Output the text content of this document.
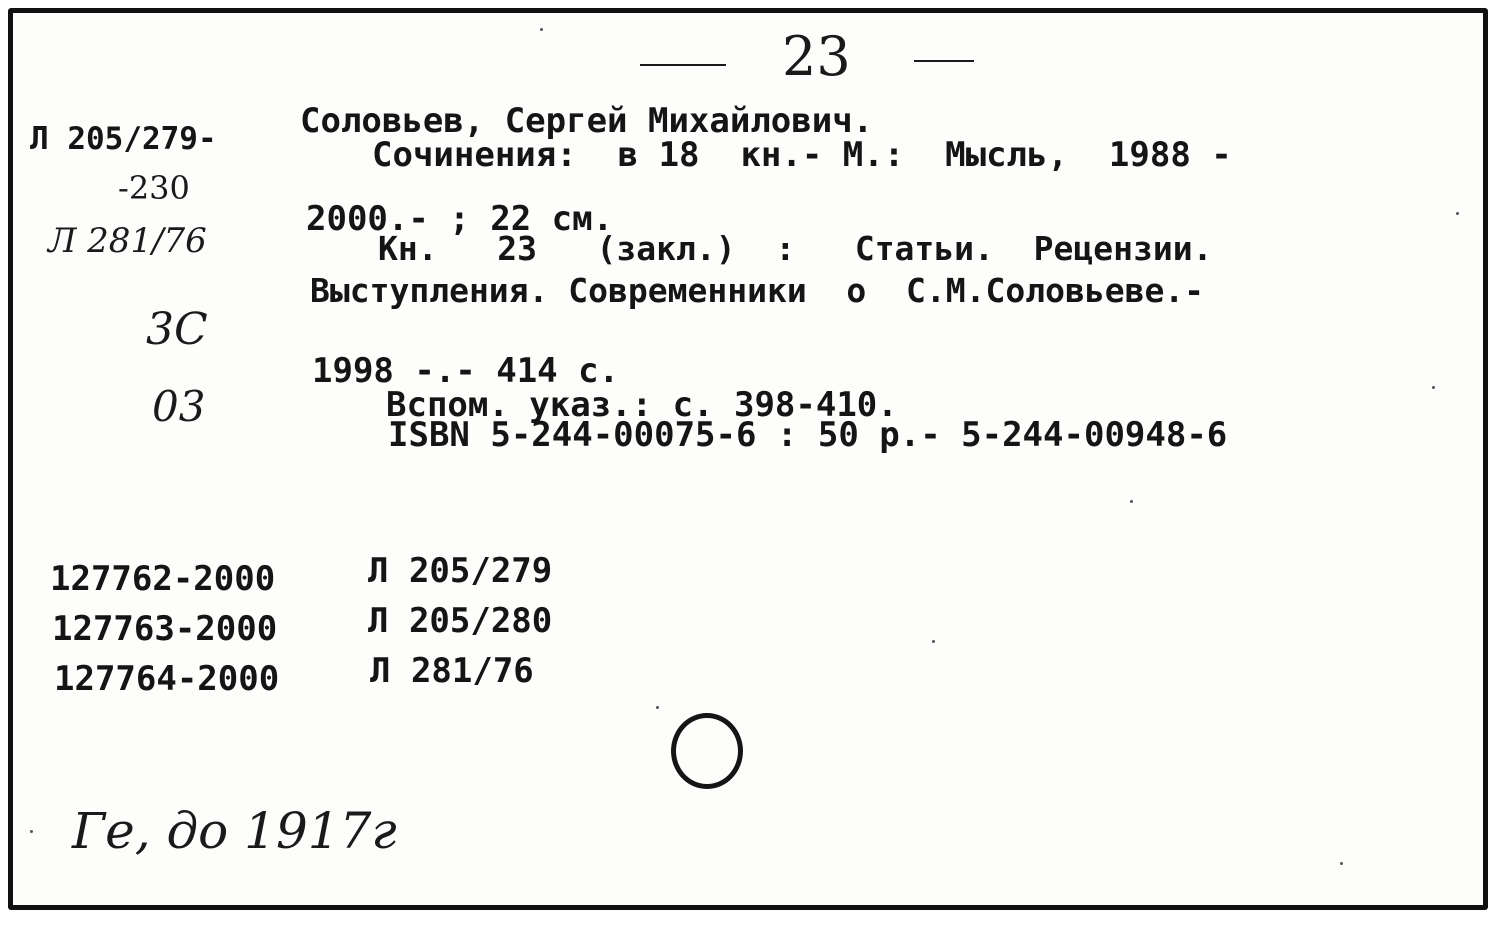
23
Л 205/279-
-230
Л 281/76
3С
03
Соловьев, Сергей Михайлович.
Сочинения:  в 18  кн.- М.:  Мысль,  1988 -
2000.- ; 22 см.
Кн.   23   (закл.)  :   Статьи.  Рецензии.
Выступления. Современники  о  С.М.Соловьеве.-
1998 -.- 414 с.
Вспом. указ.: с. 398-410.
ISBN 5-244-00075-6 : 50 р.- 5-244-00948-6
127762-2000	Л 205/279
127763-2000	Л 205/280
127764-2000	Л 281/76
Ге, до 1917г
